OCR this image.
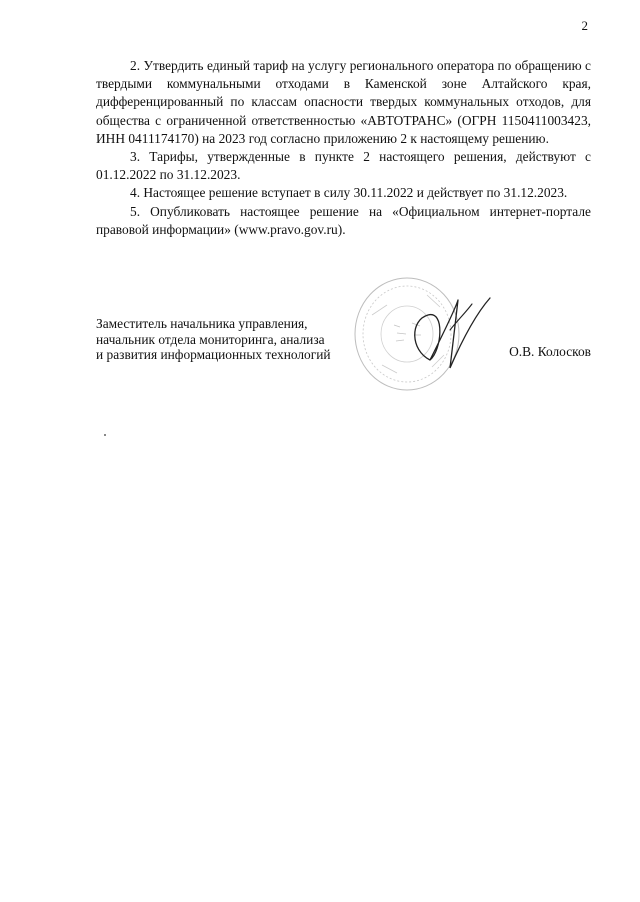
2

2. Утвердить единый тариф на услугу регионального оператора по обращению с твердыми коммунальными отходами в Каменской зоне Алтайского края, дифференцированный по классам опасности твердых коммунальных отходов, для общества с ограниченной ответственностью «АВТОТРАНС» (ОГРН 1150411003423, ИНН 0411174170) на 2023 год согласно приложению 2 к настоящему решению.

3. Тарифы, утвержденные в пункте 2 настоящего решения, действуют с 01.12.2022 по 31.12.2023.

4. Настоящее решение вступает в силу 30.11.2022 и действует по 31.12.2023.

5. Опубликовать настоящее решение на «Официальном интернет-портале правовой информации» (www.pravo.gov.ru).

Заместитель начальника управления,
начальник отдела мониторинга, анализа
и развития информационных технологий	О.В. Колосков
